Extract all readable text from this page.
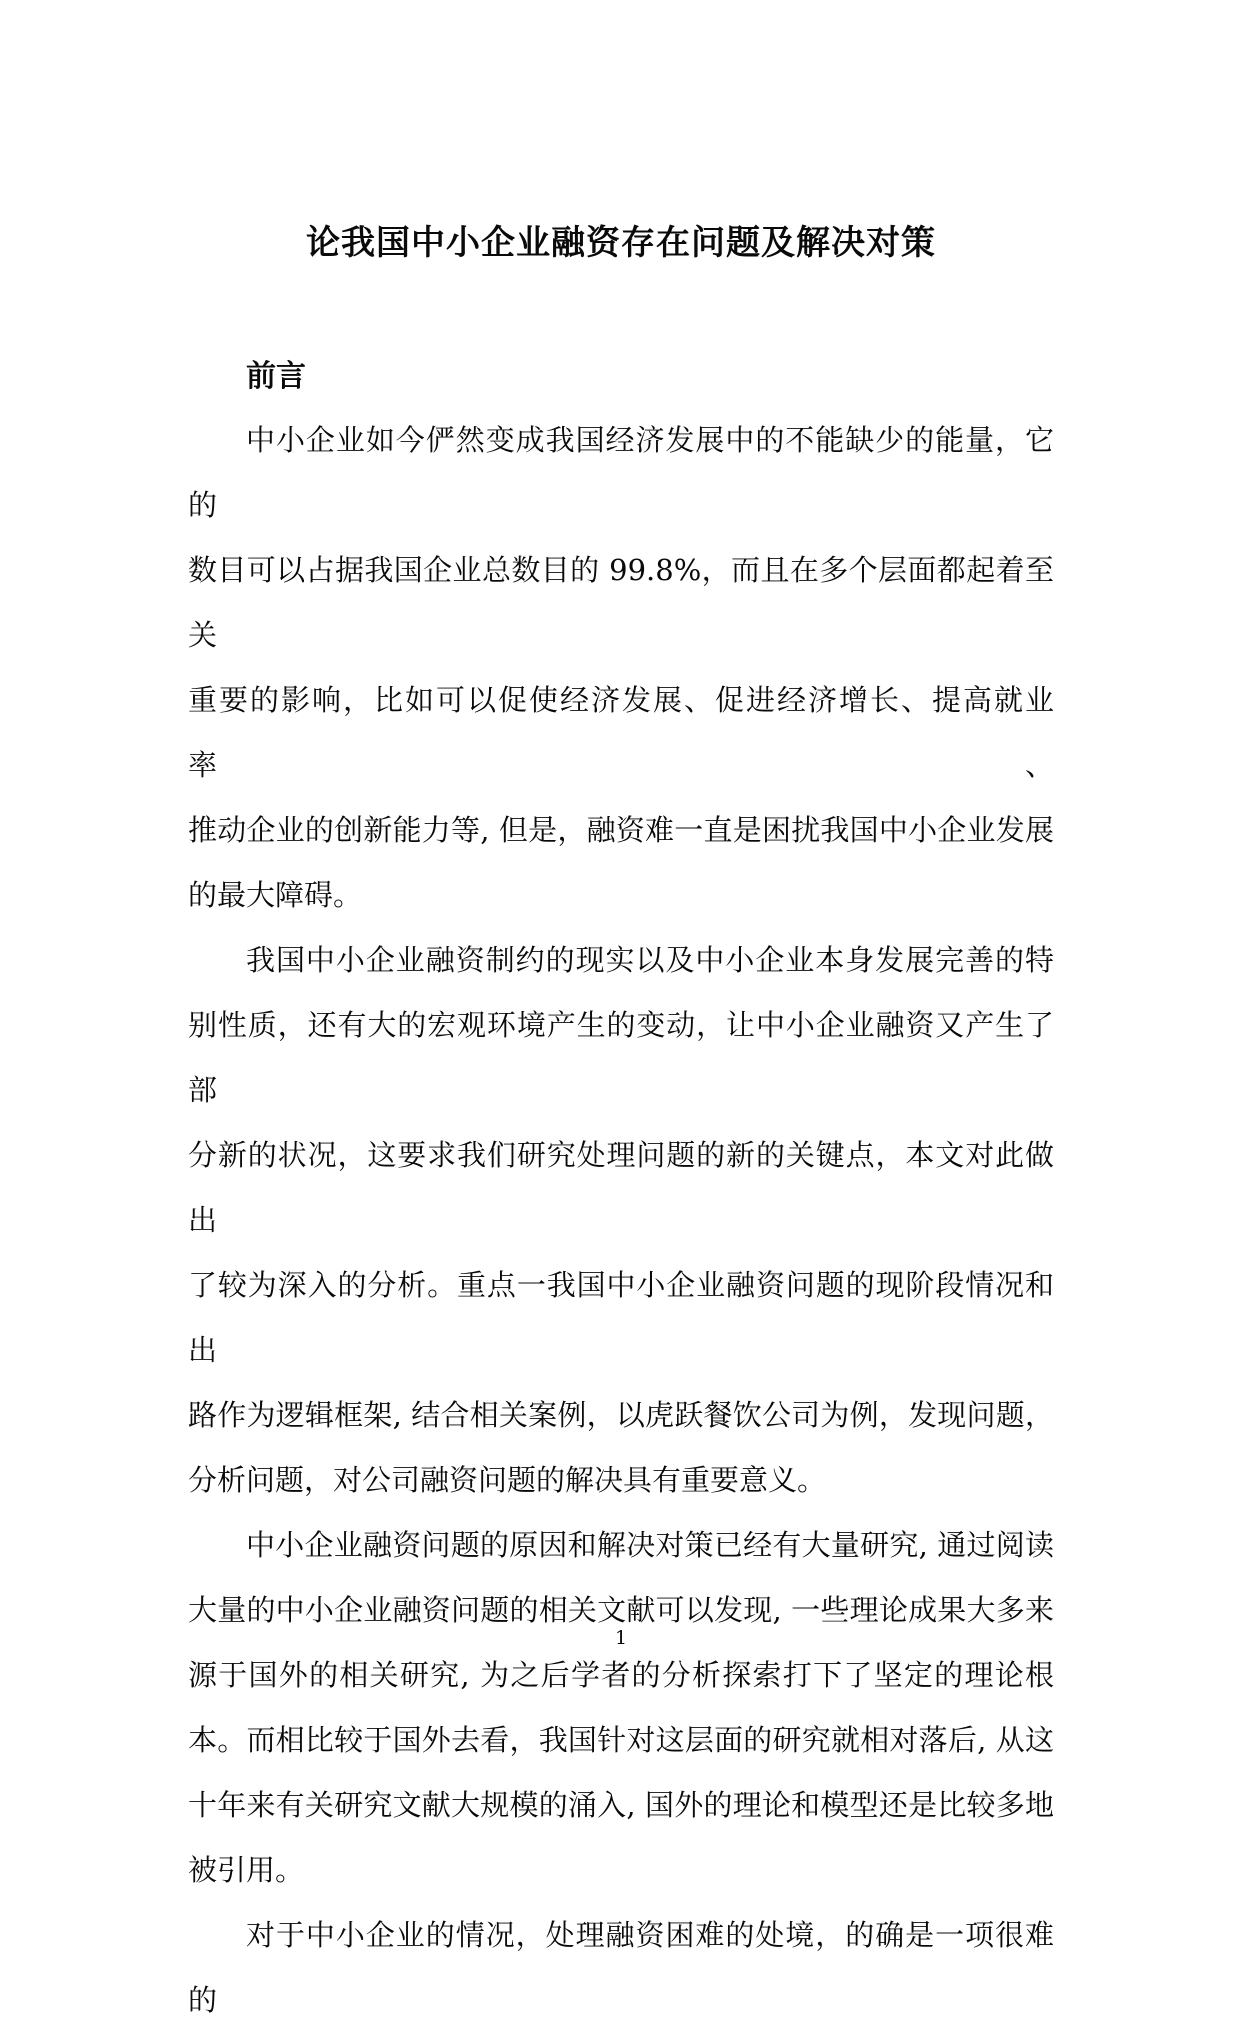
论我国中小企业融资存在问题及解决对策
前言
中小企业如今俨然变成我国经济发展中的不能缺少的能量，它的
数目可以占据我国企业总数目的 99.8%，而且在多个层面都起着至关
重要的影响，比如可以促使经济发展、促进经济增长、提高就业率、
推动企业的创新能力等, 但是，融资难一直是困扰我国中小企业发展
的最大障碍。
我国中小企业融资制约的现实以及中小企业本身发展完善的特
别性质，还有大的宏观环境产生的变动，让中小企业融资又产生了部
分新的状况，这要求我们研究处理问题的新的关键点，本文对此做出
了较为深入的分析。重点一我国中小企业融资问题的现阶段情况和出
路作为逻辑框架, 结合相关案例，以虎跃餐饮公司为例，发现问题，
分析问题，对公司融资问题的解决具有重要意义。
中小企业融资问题的原因和解决对策已经有大量研究, 通过阅读
大量的中小企业融资问题的相关文献可以发现, 一些理论成果大多来
源于国外的相关研究, 为之后学者的分析探索打下了坚定的理论根
本。而相比较于国外去看，我国针对这层面的研究就相对落后, 从这
十年来有关研究文献大规模的涌入, 国外的理论和模型还是比较多地
被引用。
对于中小企业的情况，处理融资困难的处境，的确是一项很难的
1
